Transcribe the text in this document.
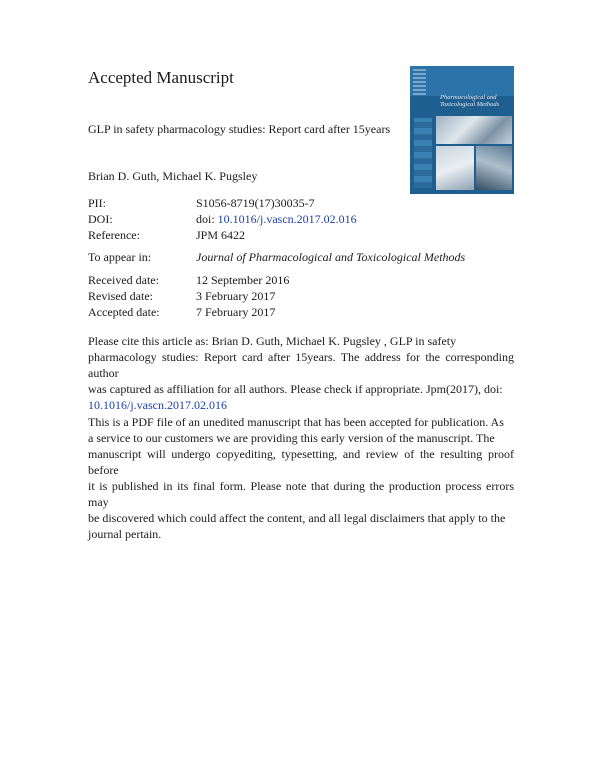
Accepted Manuscript
Pharmacological and Toxicological Methods
GLP in safety pharmacology studies: Report card after 15years
Brian D. Guth, Michael K. Pugsley
PII:	S1056-8719(17)30035-7
DOI:	doi: 10.1016/j.vascn.2017.02.016
Reference:	JPM 6422
To appear in:	Journal of Pharmacological and Toxicological Methods
Received date:	12 September 2016
Revised date:	3 February 2017
Accepted date:	7 February 2017
Please cite this article as: Brian D. Guth, Michael K. Pugsley , GLP in safety
pharmacology studies: Report card after 15years. The address for the corresponding author
was captured as affiliation for all authors. Please check if appropriate. Jpm(2017), doi:
10.1016/j.vascn.2017.02.016
This is a PDF file of an unedited manuscript that has been accepted for publication. As
a service to our customers we are providing this early version of the manuscript. The
manuscript will undergo copyediting, typesetting, and review of the resulting proof before
it is published in its final form. Please note that during the production process errors may
be discovered which could affect the content, and all legal disclaimers that apply to the
journal pertain.
